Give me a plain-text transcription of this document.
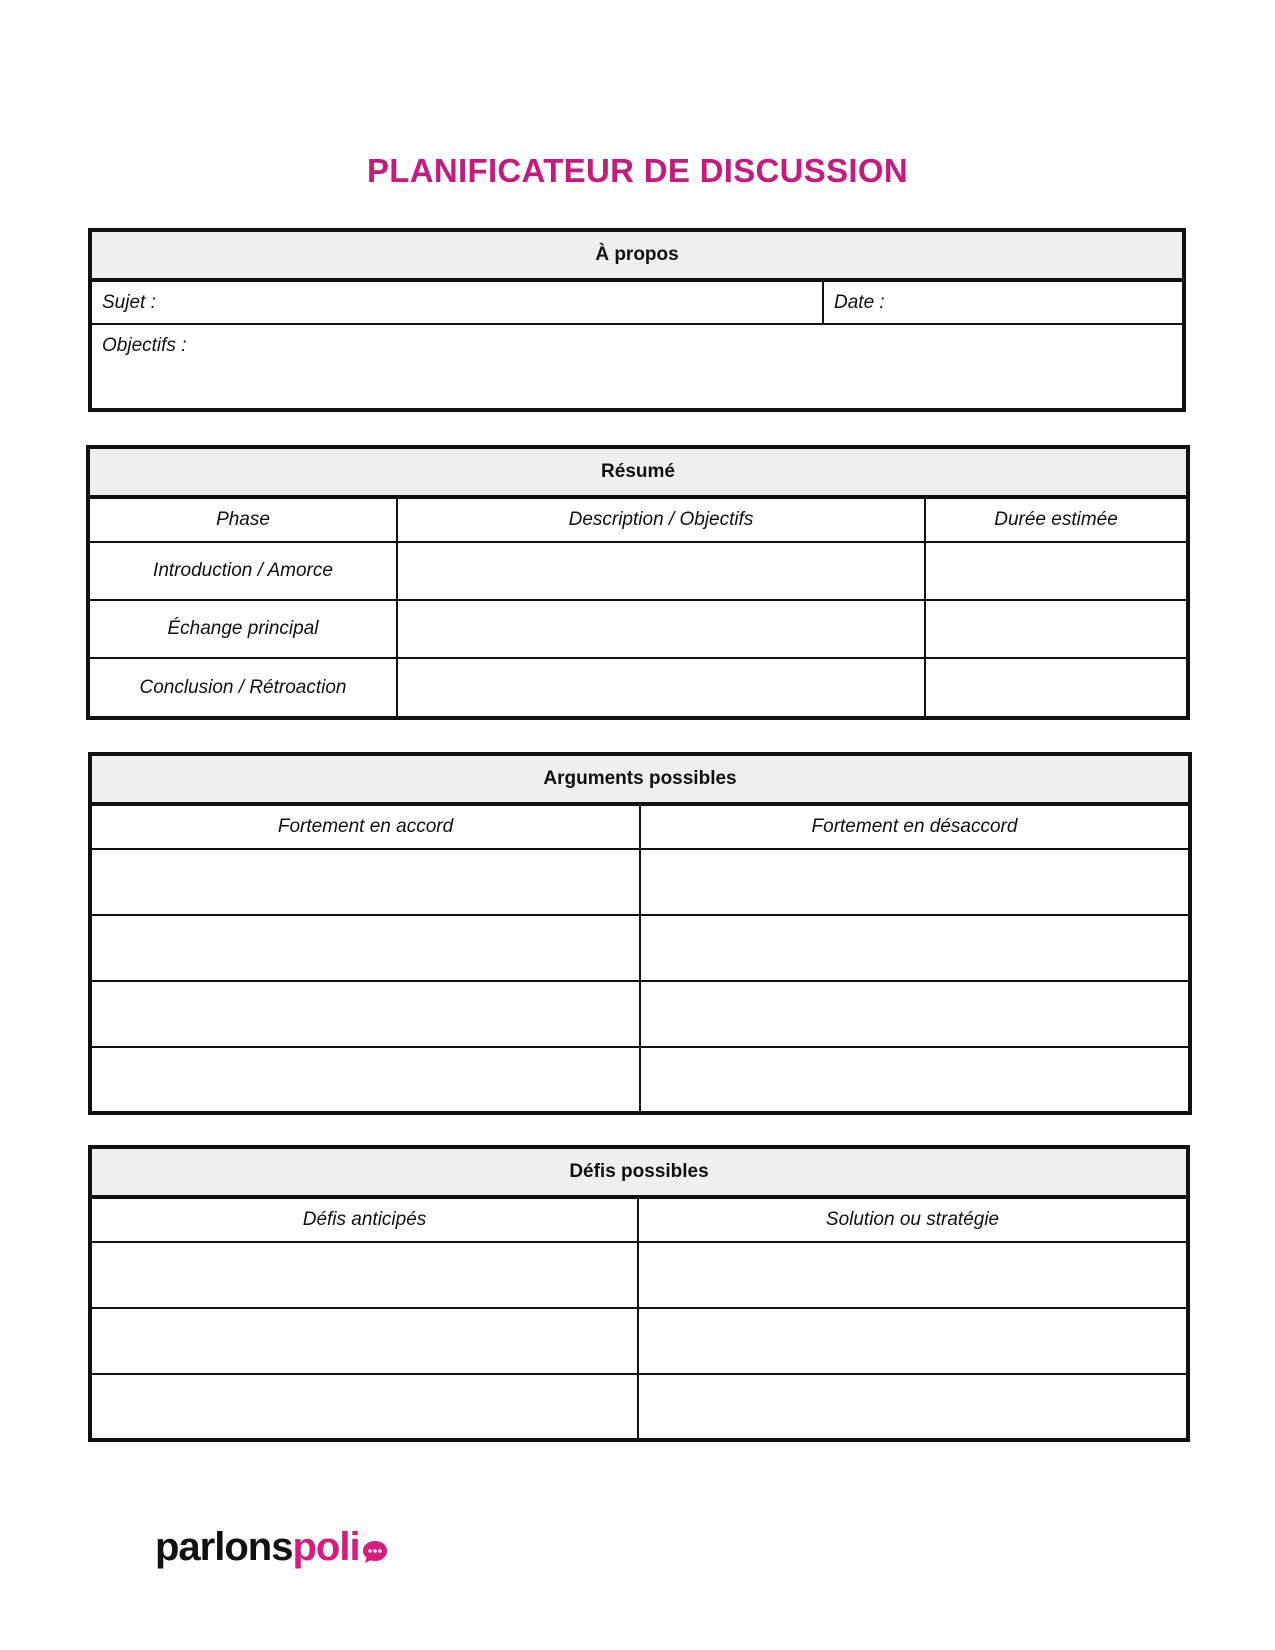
PLANIFICATEUR DE DISCUSSION
À propos
Sujet :	Date :
Objectifs :
Résumé		
Phase	Description / Objectifs	Durée estimée
Introduction / Amorce		
Échange principal		
Conclusion / Rétroaction		
Arguments possibles	
Fortement en accord	Fortement en désaccord

Défis possibles	
Défis anticipés	Solution ou stratégie

parlons poli
